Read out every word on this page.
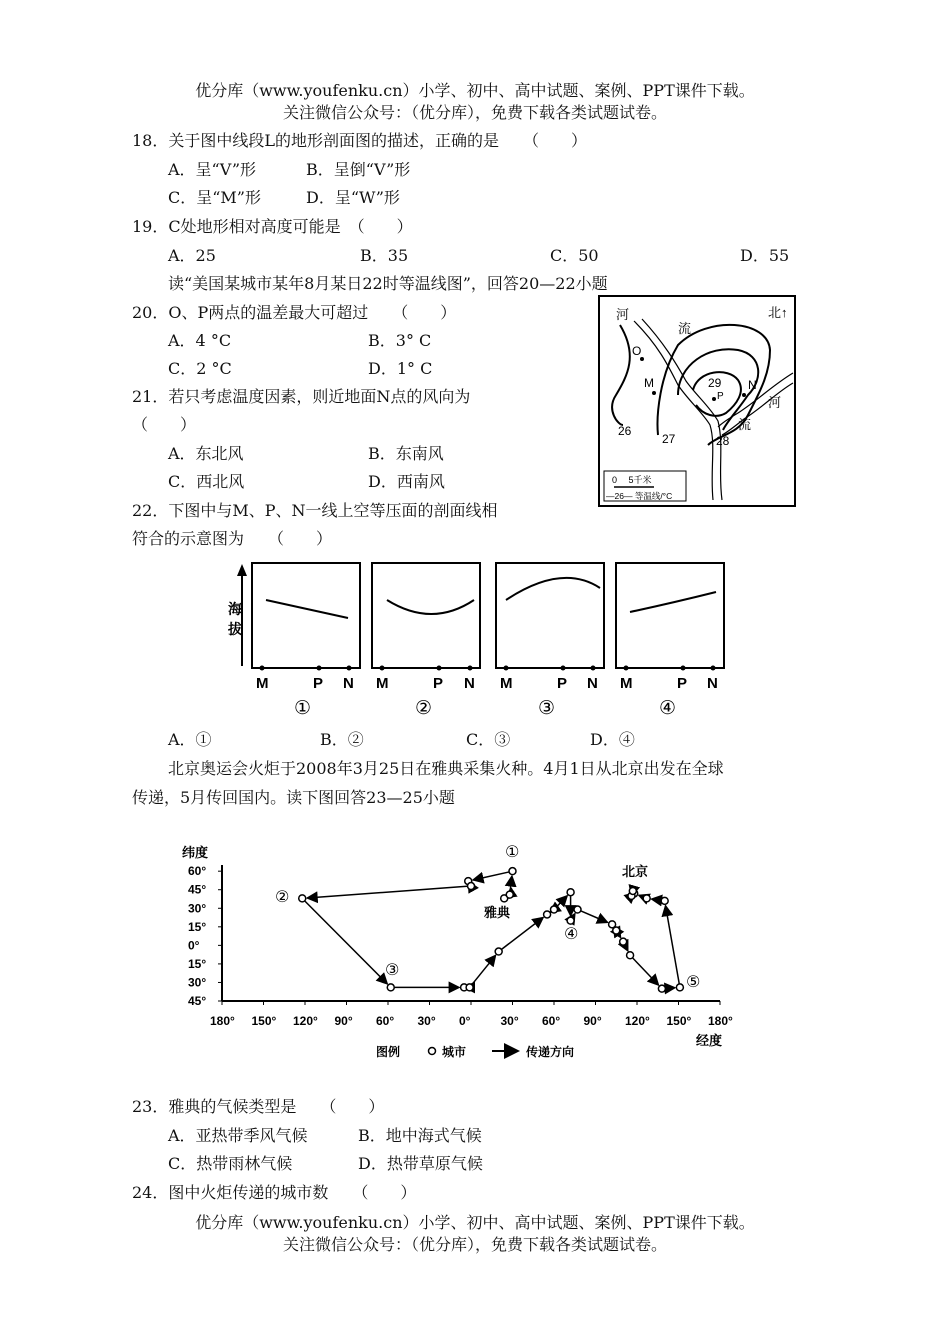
优分库（www.youfenku.cn）小学、初中、高中试题、案例、PPT课件下载。
关注微信公众号：（优分库），免费下载各类试题试卷。
18．关于图中线段L的地形剖面图的描述，正确的是　　（　　）
A．呈“V”形	B．呈倒“V”形
C．呈“M”形	D．呈“W”形
19．C处地形相对高度可能是　（　　）
A．25	B．35	C．50	D．55
读“美国某城市某年8月某日22时等温线图”，回答20—22小题
20．O、P两点的温差最大可超过　　（　　）
A．4 °C	B．3° C
C．2 °C	D．1° C
21．若只考虑温度因素，则近地面N点的风向为
（　　）
A．东北风	B．东南风
C．西北风	D．西南风
22．下图中与M、P、N一线上空等压面的剖面线相
符合的示意图为　　（　　）
河
流
北 ↑
O
M	N
P
26
27	28
29
河
流
0 　5千米
—26— 等温线/°C
海
拔
M	P N
①
M	P N
②
M	P N
③
M	P N
④
A．①	B．②	C．③	D．④
北京奥运会火炬于2008年3月25日在雅典采集火种。4月1日从北京出发在全球
传递，5月传回国内。读下图回答23—25小题
纬度
60°
45°
30°
15°
0°
15°
30°
45°
180° 150° 120° 90° 60° 30° 0°	30° 60° 90° 120° 150° 180°
经度
雅典
北京
①
②
③
④
⑤
图例	城市	传递方向
23．雅典的气候类型是　　（　　）
A．亚热带季风气候	B．地中海式气候
C．热带雨林气候	D．热带草原气候
24．图中火炬传递的城市数　　（　　）
优分库（www.youfenku.cn）小学、初中、高中试题、案例、PPT课件下载。
关注微信公众号：（优分库），免费下载各类试题试卷。
